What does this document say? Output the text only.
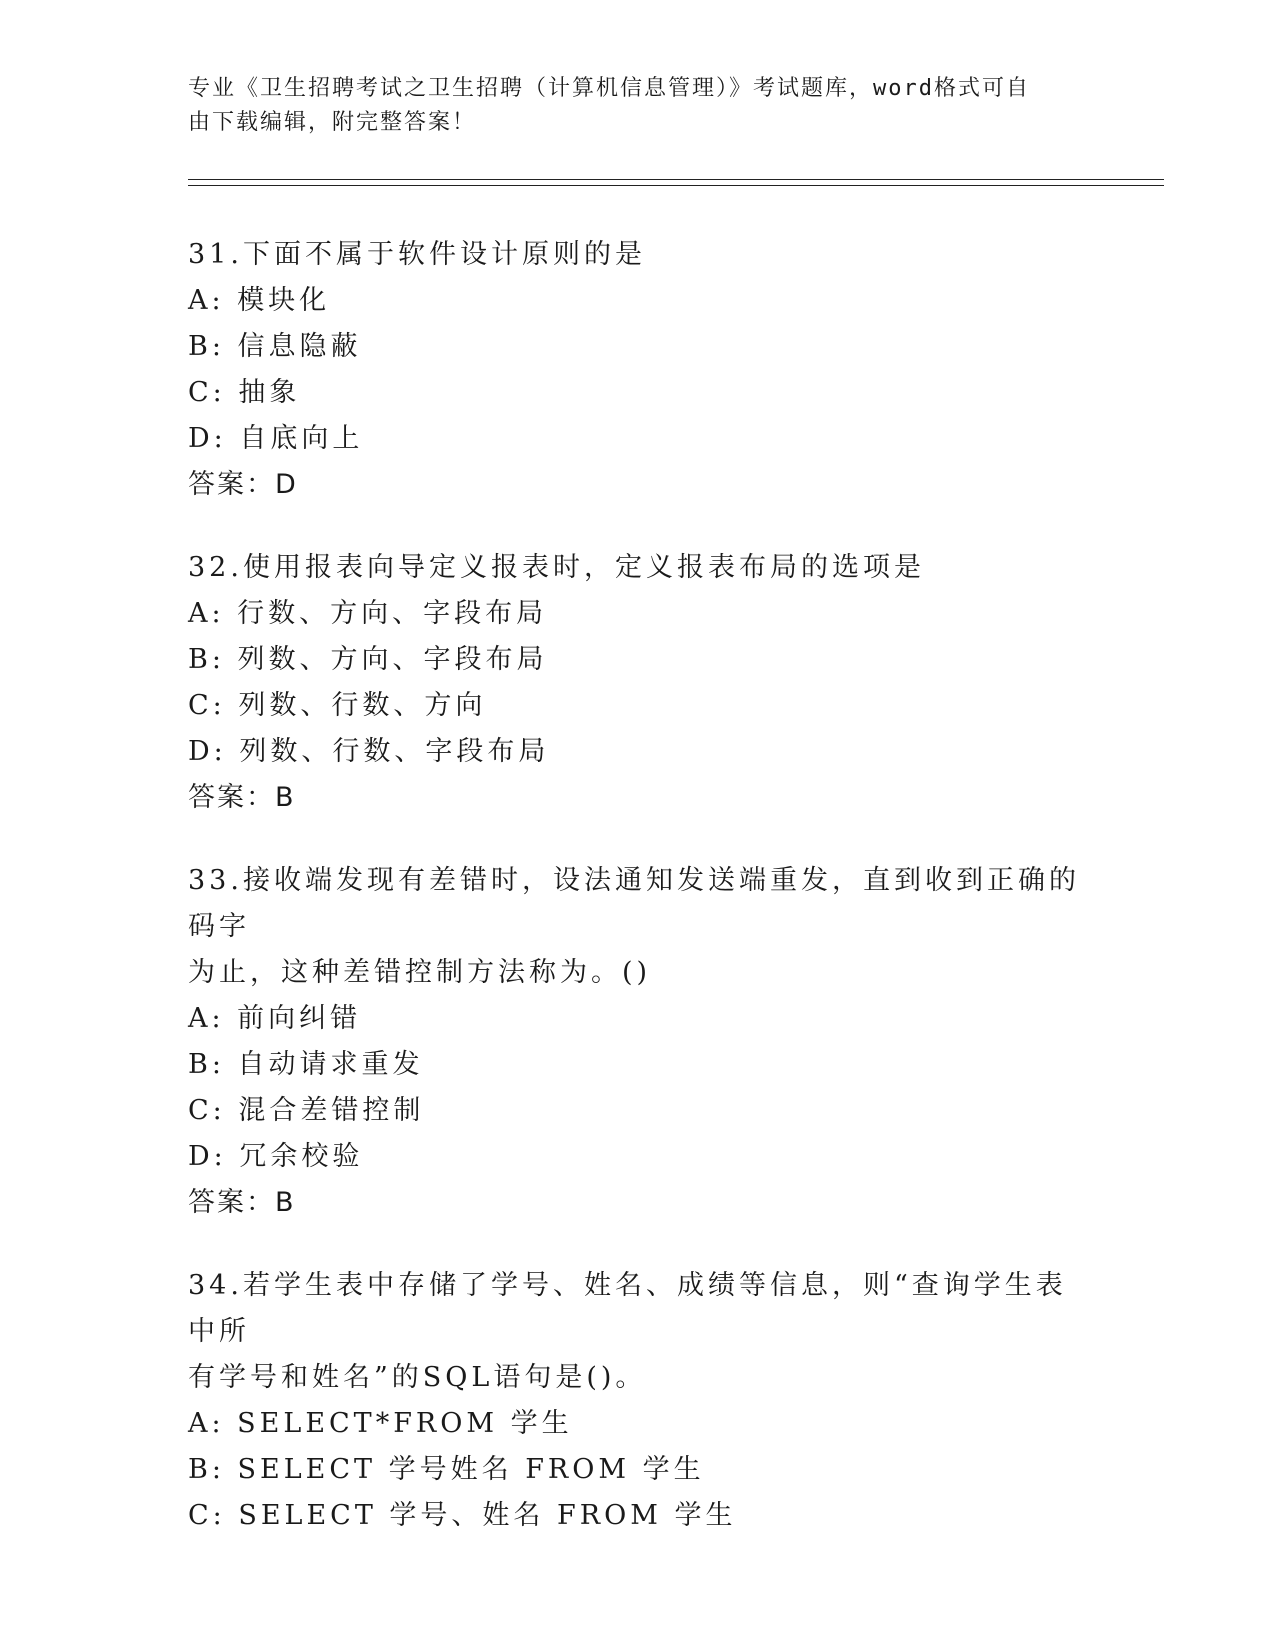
专业《卫生招聘考试之卫生招聘（计算机信息管理）》考试题库，word格式可自
由下载编辑，附完整答案！

31.下面不属于软件设计原则的是

A: 模块化

B: 信息隐蔽

C: 抽象

D: 自底向上

答案：D

32.使用报表向导定义报表时，定义报表布局的选项是

A: 行数、方向、字段布局

B: 列数、方向、字段布局

C: 列数、行数、方向

D: 列数、行数、字段布局

答案：B

33.接收端发现有差错时，设法通知发送端重发，直到收到正确的码字

为止，这种差错控制方法称为。()

A: 前向纠错

B: 自动请求重发

C: 混合差错控制

D: 冗余校验

答案：B

34.若学生表中存储了学号、姓名、成绩等信息，则“查询学生表中所

有学号和姓名”的SQL语句是()。

A: SELECT*FROM 学生

B: SELECT 学号姓名 FROM 学生

C: SELECT 学号、姓名 FROM 学生
